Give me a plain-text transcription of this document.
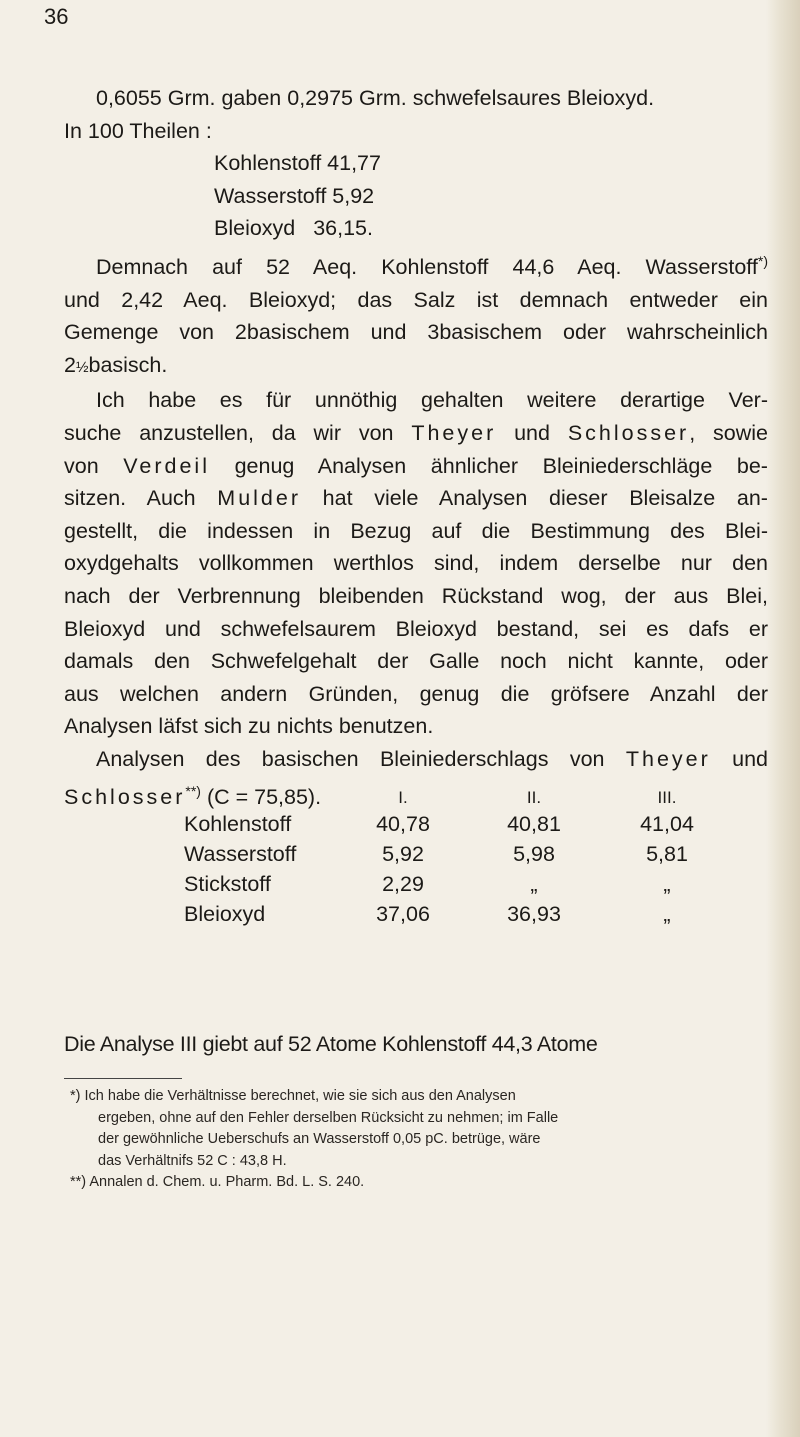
36
0,6055 Grm. gaben 0,2975 Grm. schwefelsaures Bleioxyd.
In 100 Theilen :
Kohlenstoff 41,77
Wasserstoff 5,92
Bleioxyd 36,15.
Demnach auf 52 Aeq. Kohlenstoff 44,6 Aeq. Wasserstoff*)
und 2,42 Aeq. Bleioxyd; das Salz ist demnach entweder ein
Gemenge von 2basischem und 3basischem oder wahrscheinlich
2½basisch.
Ich habe es für unnöthig gehalten weitere derartige Ver-
suche anzustellen, da wir von Theyer und Schlosser, sowie
von Verdeil genug Analysen ähnlicher Bleiniederschläge be-
sitzen. Auch Mulder hat viele Analysen dieser Bleisalze an-
gestellt, die indessen in Bezug auf die Bestimmung des Blei-
oxydgehalts vollkommen werthlos sind, indem derselbe nur den
nach der Verbrennung bleibenden Rückstand wog, der aus Blei,
Bleioxyd und schwefelsaurem Bleioxyd bestand, sei es dafs er
damals den Schwefelgehalt der Galle noch nicht kannte, oder
aus welchen andern Gründen, genug die gröfsere Anzahl der
Analysen läfst sich zu nichts benutzen.
Analysen des basischen Bleiniederschlags von Theyer und
Schlosser**) (C = 75,85).
		I.	II.	III.
Kohlenstoff	40,78	40,81	41,04
Wasserstoff	5,92	5,98	5,81
Stickstoff	2,29	„	„
Bleioxyd	37,06	36,93	„
Die Analyse III giebt auf 52 Atome Kohlenstoff 44,3 Atome
*) Ich habe die Verhältnisse berechnet, wie sie sich aus den Analysen
ergeben, ohne auf den Fehler derselben Rücksicht zu nehmen; im Falle
der gewöhnliche Ueberschufs an Wasserstoff 0,05 pC. betrüge, wäre
das Verhältnifs 52 C : 43,8 H.
**) Annalen d. Chem. u. Pharm. Bd. L. S. 240.
